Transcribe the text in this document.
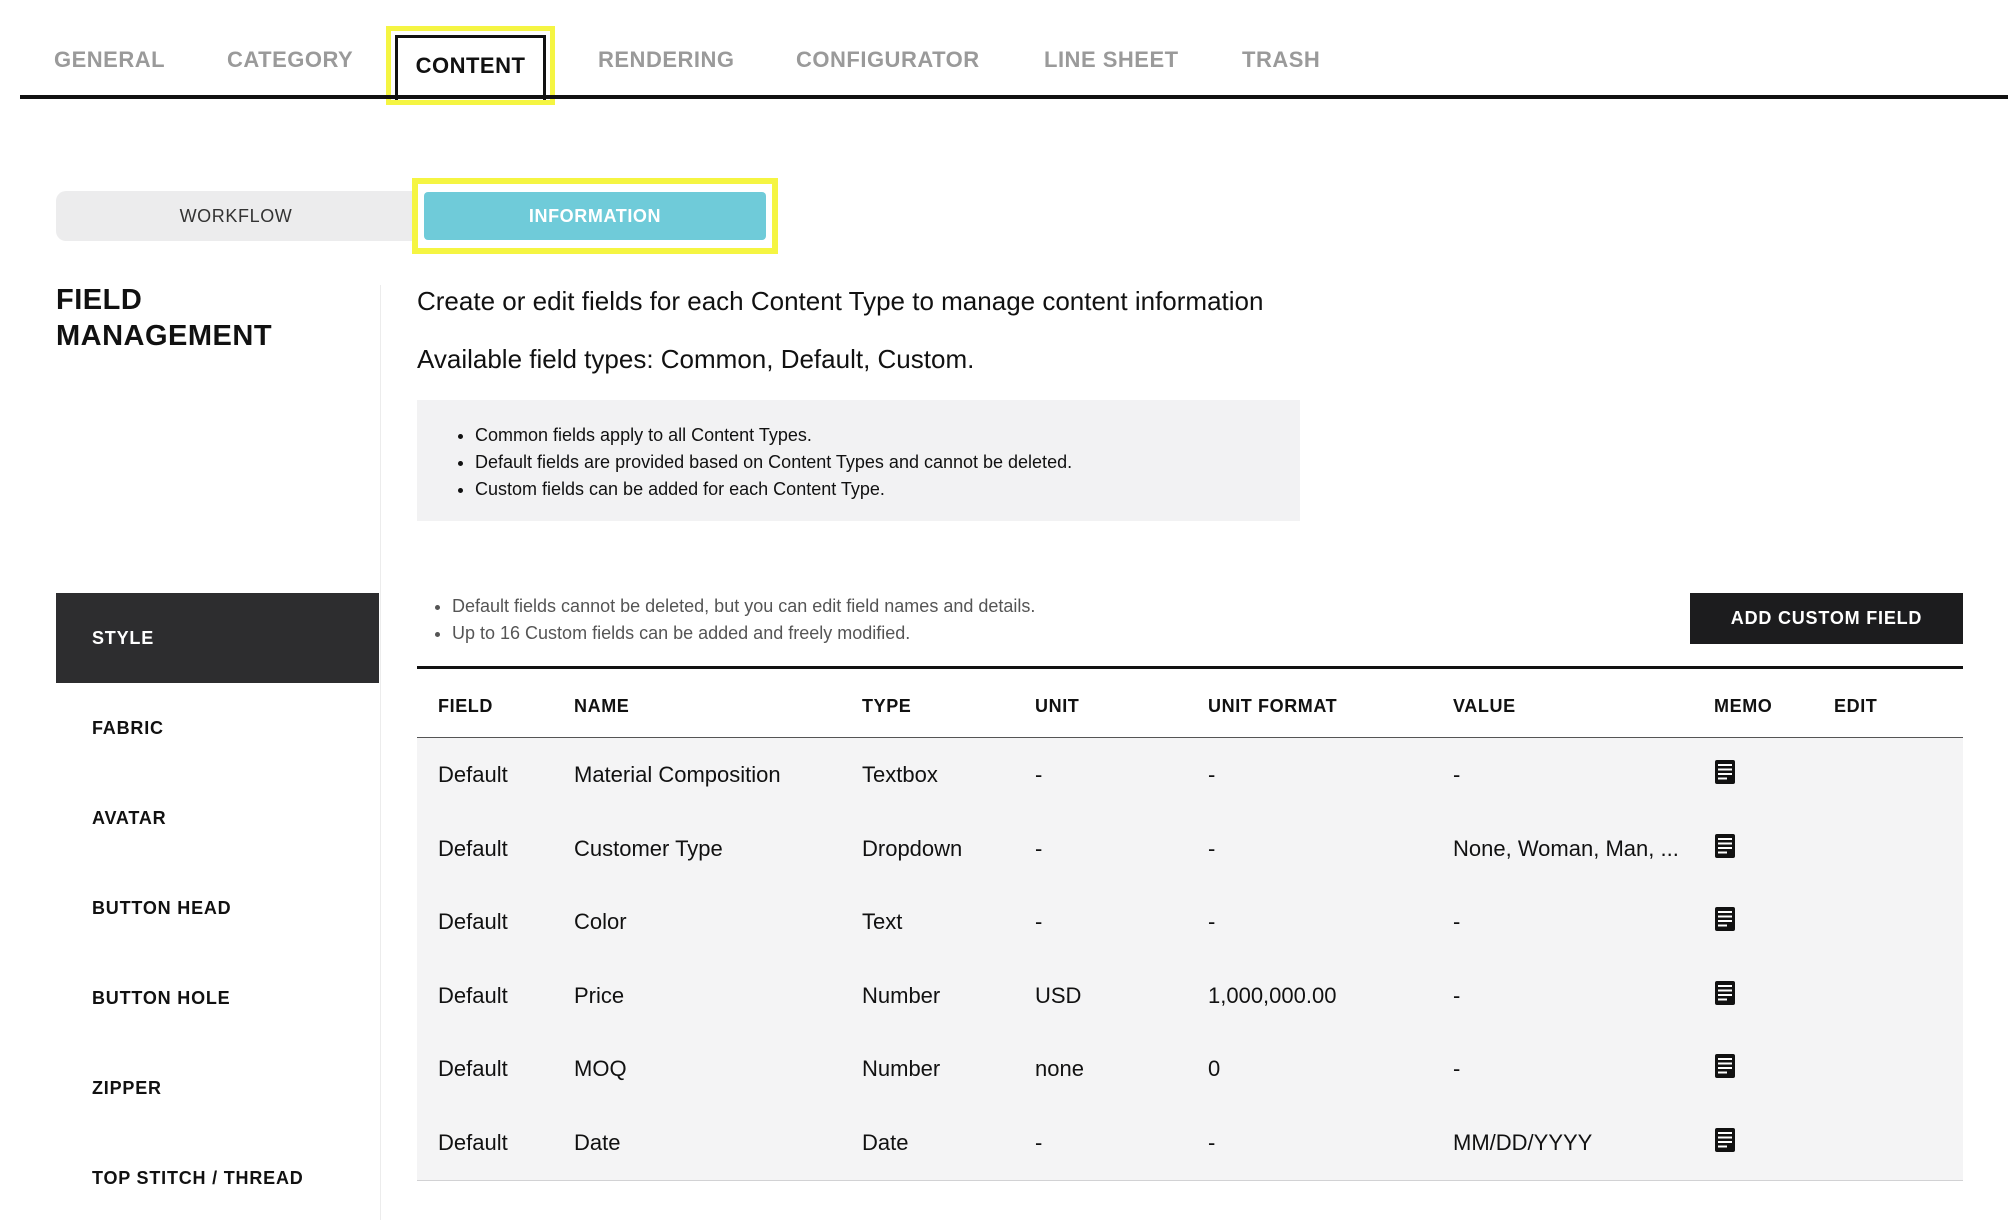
GENERAL	CATEGORY	CONTENT	RENDERING	CONFIGURATOR	LINE SHEET	TRASH
WORKFLOW	INFORMATION
FIELD
MANAGEMENT
Create or edit fields for each Content Type to manage content information
Available field types: Common, Default, Custom.
• Common fields apply to all Content Types.
• Default fields are provided based on Content Types and cannot be deleted.
• Custom fields can be added for each Content Type.
STYLE
FABRIC
AVATAR
BUTTON HEAD
BUTTON HOLE
ZIPPER
TOP STITCH / THREAD
• Default fields cannot be deleted, but you can edit field names and details.
• Up to 16 Custom fields can be added and freely modified.
ADD CUSTOM FIELD
FIELD	NAME	TYPE	UNIT	UNIT FORMAT	VALUE	MEMO	EDIT
Default	Material Composition	Textbox	-	-	-
Default	Customer Type	Dropdown	-	-	None, Woman, Man, ...
Default	Color	Text	-	-	-
Default	Price	Number	USD	1,000,000.00	-
Default	MOQ	Number	none	0	-
Default	Date	Date	-	-	MM/DD/YYYY
